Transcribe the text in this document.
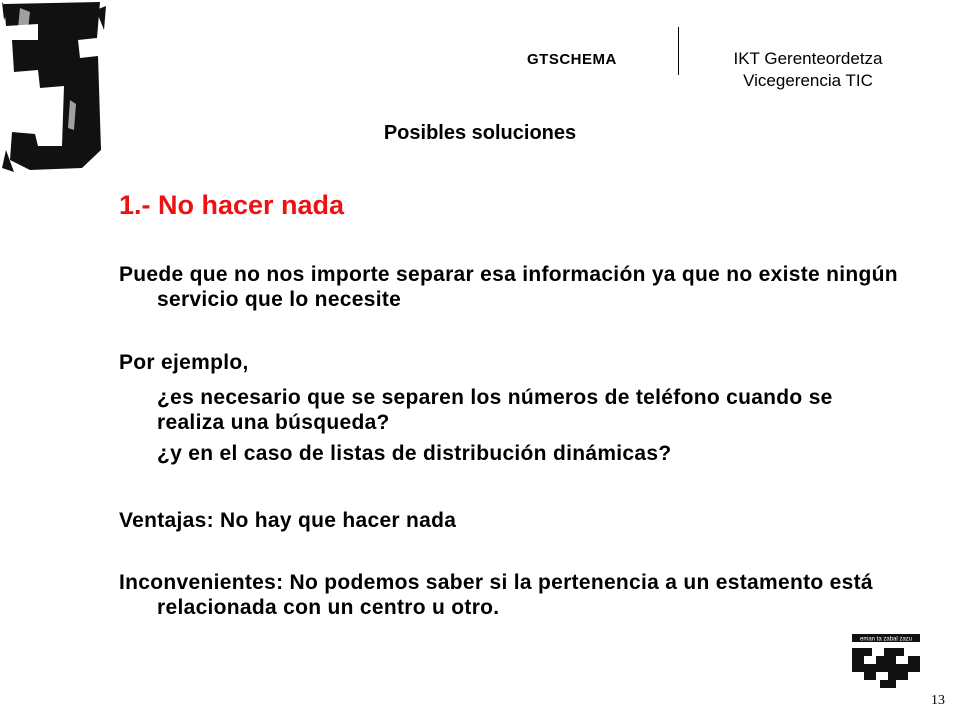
GTSCHEMA	IKT Gerenteordetza
Vicegerencia TIC
Posibles soluciones
1.- No hacer nada
Puede que no nos importe separar esa información ya que no existe ningún servicio que lo necesite
Por ejemplo,
¿es necesario que se separen los números de teléfono cuando se realiza una búsqueda?
¿y en el caso de listas de distribución dinámicas?
Ventajas: No hay que hacer nada
Inconvenientes: No podemos saber si la pertenencia a un estamento está relacionada con un centro u otro.
eman ta zabal zazu
13
